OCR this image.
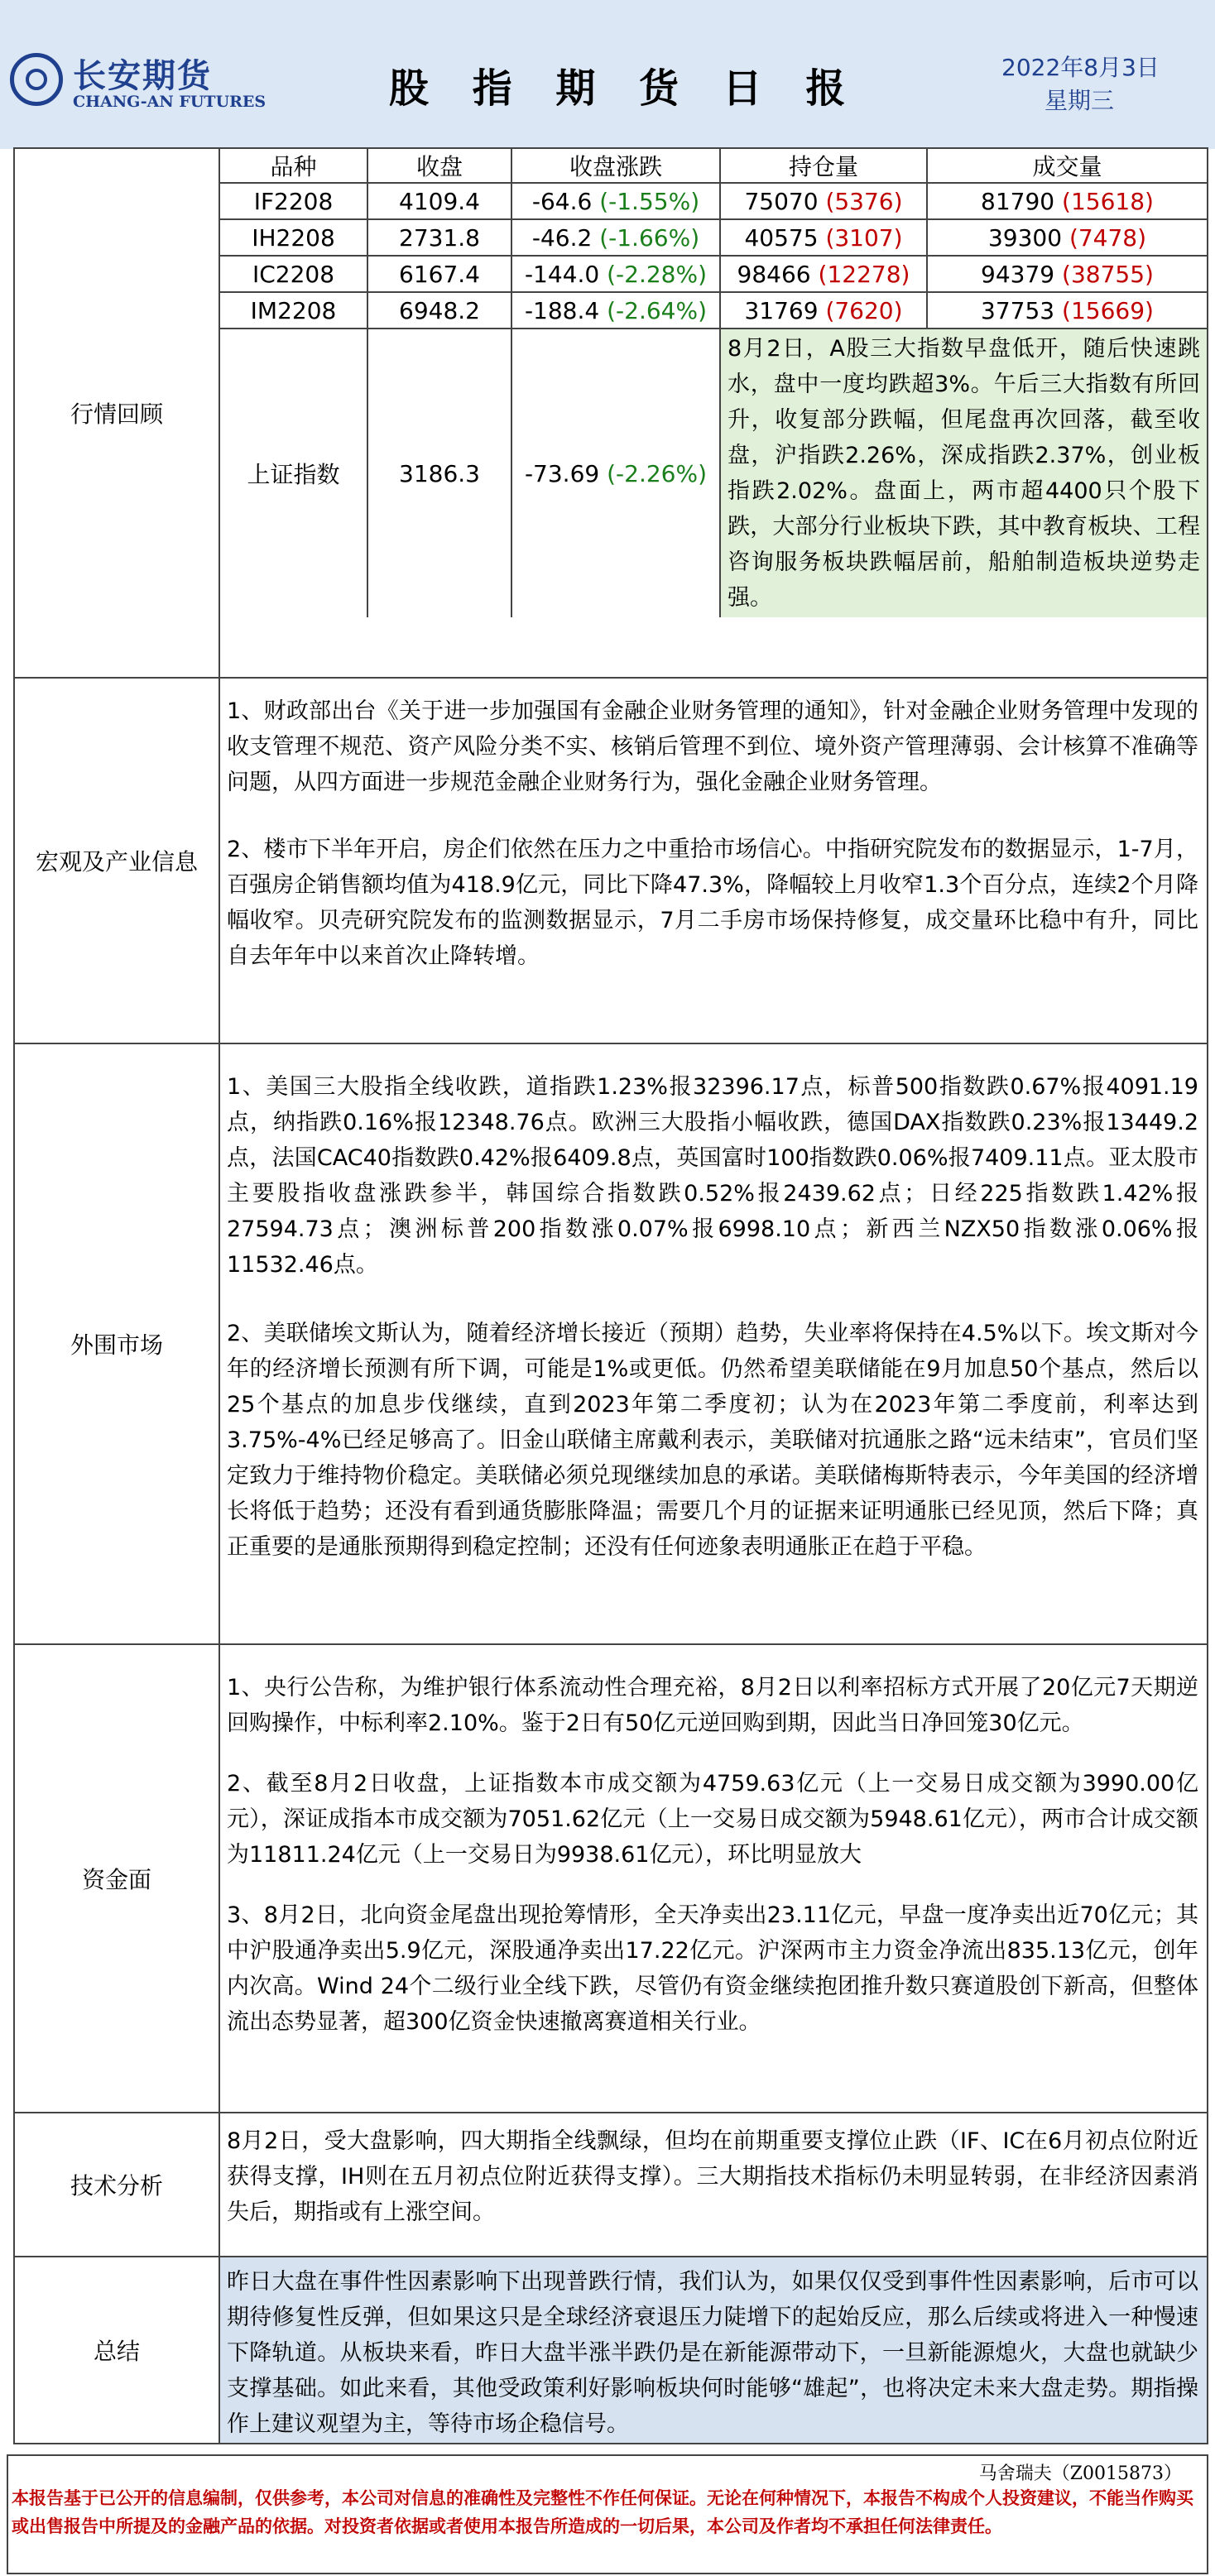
长安期货
CHANG-AN FUTURES	股 指 期 货 日 报	2022年8月3日
星期三
行情回顾	
品种	收盘	收盘涨跌	持仓量	成交量
IF2208	4109.4	-64.6 (-1.55%)	75070 (5376)	81790 (15618)
IH2208	2731.8	-46.2 (-1.66%)	40575 (3107)	39300 (7478)
IC2208	6167.4	-144.0 (-2.28%)	98466 (12278)	94379 (38755)
IM2208	6948.2	-188.4 (-2.64%)	31769 (7620)	37753 (15669)
上证指数	3186.3	-73.69 (-2.26%)	8月2日，A股三大指数早盘低开，随后快速跳水，盘中一度均跌超3%。午后三大指数有所回升，收复部分跌幅，但尾盘再次回落，截至收盘，沪指跌2.26%，深成指跌2.37%，创业板指跌2.02%。盘面上，两市超4400只个股下跌，大部分行业板块下跌，其中教育板块、工程咨询服务板块跌幅居前，船舶制造板块逆势走强。

宏观及产业信息	

1、财政部出台《关于进一步加强国有金融企业财务管理的通知》，针对金融企业财务管理中发现的收支管理不规范、资产风险分类不实、核销后管理不到位、境外资产管理薄弱、会计核算不准确等问题，从四方面进一步规范金融企业财务行为，强化金融企业财务管理。

2、楼市下半年开启，房企们依然在压力之中重拾市场信心。中指研究院发布的数据显示，1-7月，百强房企销售额均值为418.9亿元，同比下降47.3%，降幅较上月收窄1.3个百分点，连续2个月降幅收窄。贝壳研究院发布的监测数据显示，7月二手房市场保持修复，成交量环比稳中有升，同比自去年年中以来首次止降转增。

外围市场	

1、美国三大股指全线收跌，道指跌1.23%报32396.17点，标普500指数跌0.67%报4091.19点，纳指跌0.16%报12348.76点。欧洲三大股指小幅收跌，德国DAX指数跌0.23%报13449.2点，法国CAC40指数跌0.42%报6409.8点，英国富时100指数跌0.06%报7409.11点。亚太股市主要股指收盘涨跌参半，韩国综合指数跌0.52%报2439.62点；日经225指数跌1.42%报27594.73点；澳洲标普200指数涨0.07%报6998.10点；新西兰NZX50指数涨0.06%报11532.46点。

2、美联储埃文斯认为，随着经济增长接近（预期）趋势，失业率将保持在4.5%以下。埃文斯对今年的经济增长预测有所下调，可能是1%或更低。仍然希望美联储能在9月加息50个基点，然后以25个基点的加息步伐继续，直到2023年第二季度初；认为在2023年第二季度前，利率达到3.75%-4%已经足够高了。旧金山联储主席戴利表示，美联储对抗通胀之路“远未结束”，官员们坚定致力于维持物价稳定。美联储必须兑现继续加息的承诺。美联储梅斯特表示，今年美国的经济增长将低于趋势；还没有看到通货膨胀降温；需要几个月的证据来证明通胀已经见顶，然后下降；真正重要的是通胀预期得到稳定控制；还没有任何迹象表明通胀正在趋于平稳。

资金面	

1、央行公告称，为维护银行体系流动性合理充裕，8月2日以利率招标方式开展了20亿元7天期逆回购操作，中标利率2.10%。鉴于2日有50亿元逆回购到期，因此当日净回笼30亿元。

2、截至8月2日收盘，上证指数本市成交额为4759.63亿元（上一交易日成交额为3990.00亿元），深证成指本市成交额为7051.62亿元（上一交易日成交额为5948.61亿元），两市合计成交额为11811.24亿元（上一交易日为9938.61亿元），环比明显放大

3、8月2日，北向资金尾盘出现抢筹情形，全天净卖出23.11亿元，早盘一度净卖出近70亿元；其中沪股通净卖出5.9亿元，深股通净卖出17.22亿元。沪深两市主力资金净流出835.13亿元，创年内次高。Wind 24个二级行业全线下跌，尽管仍有资金继续抱团推升数只赛道股创下新高，但整体流出态势显著，超300亿资金快速撤离赛道相关行业。

技术分析	8月2日，受大盘影响，四大期指全线飘绿，但均在前期重要支撑位止跌（IF、IC在6月初点位附近获得支撑，IH则在五月初点位附近获得支撑）。三大期指技术指标仍未明显转弱，在非经济因素消失后，期指或有上涨空间。
总结	昨日大盘在事件性因素影响下出现普跌行情，我们认为，如果仅仅受到事件性因素影响，后市可以期待修复性反弹，但如果这只是全球经济衰退压力陡增下的起始反应，那么后续或将进入一种慢速下降轨道。从板块来看，昨日大盘半涨半跌仍是在新能源带动下，一旦新能源熄火，大盘也就缺少支撑基础。如此来看，其他受政策利好影响板块何时能够“雄起”，也将决定未来大盘走势。期指操作上建议观望为主，等待市场企稳信号。
马舍瑞夫（Z0015873）
本报告基于已公开的信息编制，仅供参考，本公司对信息的准确性及完整性不作任何保证。无论在何种情况下，本报告不构成个人投资建议，不能当作购买或出售报告中所提及的金融产品的依据。对投资者依据或者使用本报告所造成的一切后果，本公司及作者均不承担任何法律责任。
